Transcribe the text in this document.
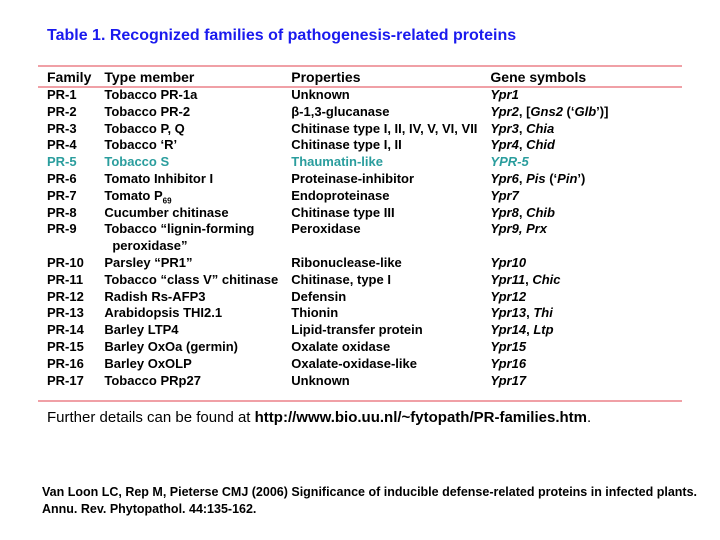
Table 1. Recognized families of pathogenesis-related proteins
Family	Type member	Properties	Gene symbols
PR-1	Tobacco PR-1a	Unknown	Ypr1
PR-2	Tobacco PR-2	β-1,3-glucanase	Ypr2, [Gns2 (‘Glb’)]
PR-3	Tobacco P, Q	Chitinase type I, II, IV, V, VI, VII	Ypr3, Chia
PR-4	Tobacco ‘R’	Chitinase type I, II	Ypr4, Chid
PR-5	Tobacco S	Thaumatin-like	YPR-5
PR-6	Tomato Inhibitor I	Proteinase-inhibitor	Ypr6, Pis (‘Pin’)
PR-7	Tomato $P_{69}$	Endoproteinase	Ypr7
PR-8	Cucumber chitinase	Chitinase type III	Ypr8, Chib
PR-9	Tobacco “lignin-forming	Peroxidase	Ypr9, Prx
	peroxidase”		
PR-10	Parsley “PR1”	Ribonuclease-like	Ypr10
PR-11	Tobacco “class V” chitinase	Chitinase, type I	Ypr11, Chic
PR-12	Radish Rs-AFP3	Defensin	Ypr12
PR-13	Arabidopsis THI2.1	Thionin	Ypr13, Thi
PR-14	Barley LTP4	Lipid-transfer protein	Ypr14, Ltp
PR-15	Barley OxOa (germin)	Oxalate oxidase	Ypr15
PR-16	Barley OxOLP	Oxalate-oxidase-like	Ypr16
PR-17	Tobacco PRp27	Unknown	Ypr17
Further details can be found at http://www.bio.uu.nl/~fytopath/PR-families.htm.
Van Loon LC, Rep M, Pieterse CMJ (2006) Significance of inducible defense-related proteins in infected plants. Annu. Rev. Phytopathol. 44:135-162.
